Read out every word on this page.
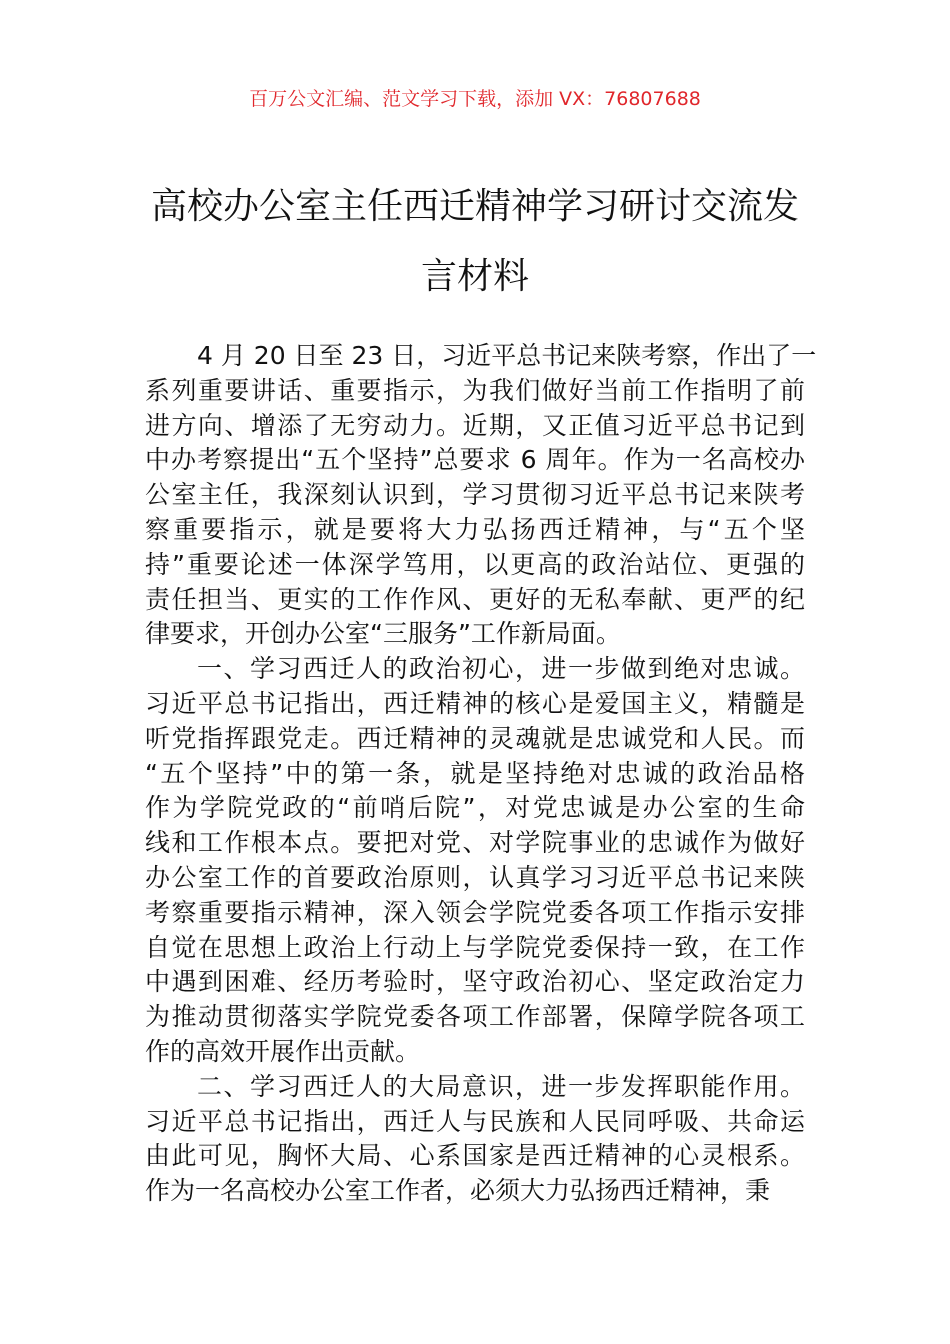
百万公文汇编、范文学习下载，添加 VX：76807688
高校办公室主任西迁精神学习研讨交流发
言材料
4 月 20 日至 23 日，习近平总书记来陕考察，作出了一
系列重要讲话、重要指示，为我们做好当前工作指明了前
进方向、增添了无穷动力。近期，又正值习近平总书记到
中办考察提出“五个坚持”总要求 6 周年。作为一名高校办
公室主任，我深刻认识到，学习贯彻习近平总书记来陕考
察重要指示，就是要将大力弘扬西迁精神，与“五个坚
持”重要论述一体深学笃用，以更高的政治站位、更强的
责任担当、更实的工作作风、更好的无私奉献、更严的纪
律要求，开创办公室“三服务”工作新局面。
一、学习西迁人的政治初心，进一步做到绝对忠诚。
习近平总书记指出，西迁精神的核心是爱国主义，精髓是
听党指挥跟党走。西迁精神的灵魂就是忠诚党和人民。而
“五个坚持”中的第一条，就是坚持绝对忠诚的政治品格
作为学院党政的“前哨后院”，对党忠诚是办公室的生命
线和工作根本点。要把对党、对学院事业的忠诚作为做好
办公室工作的首要政治原则，认真学习习近平总书记来陕
考察重要指示精神，深入领会学院党委各项工作指示安排
自觉在思想上政治上行动上与学院党委保持一致，在工作
中遇到困难、经历考验时，坚守政治初心、坚定政治定力
为推动贯彻落实学院党委各项工作部署，保障学院各项工
作的高效开展作出贡献。
二、学习西迁人的大局意识，进一步发挥职能作用。
习近平总书记指出，西迁人与民族和人民同呼吸、共命运
由此可见，胸怀大局、心系国家是西迁精神的心灵根系。
作为一名高校办公室工作者，必须大力弘扬西迁精神，秉
